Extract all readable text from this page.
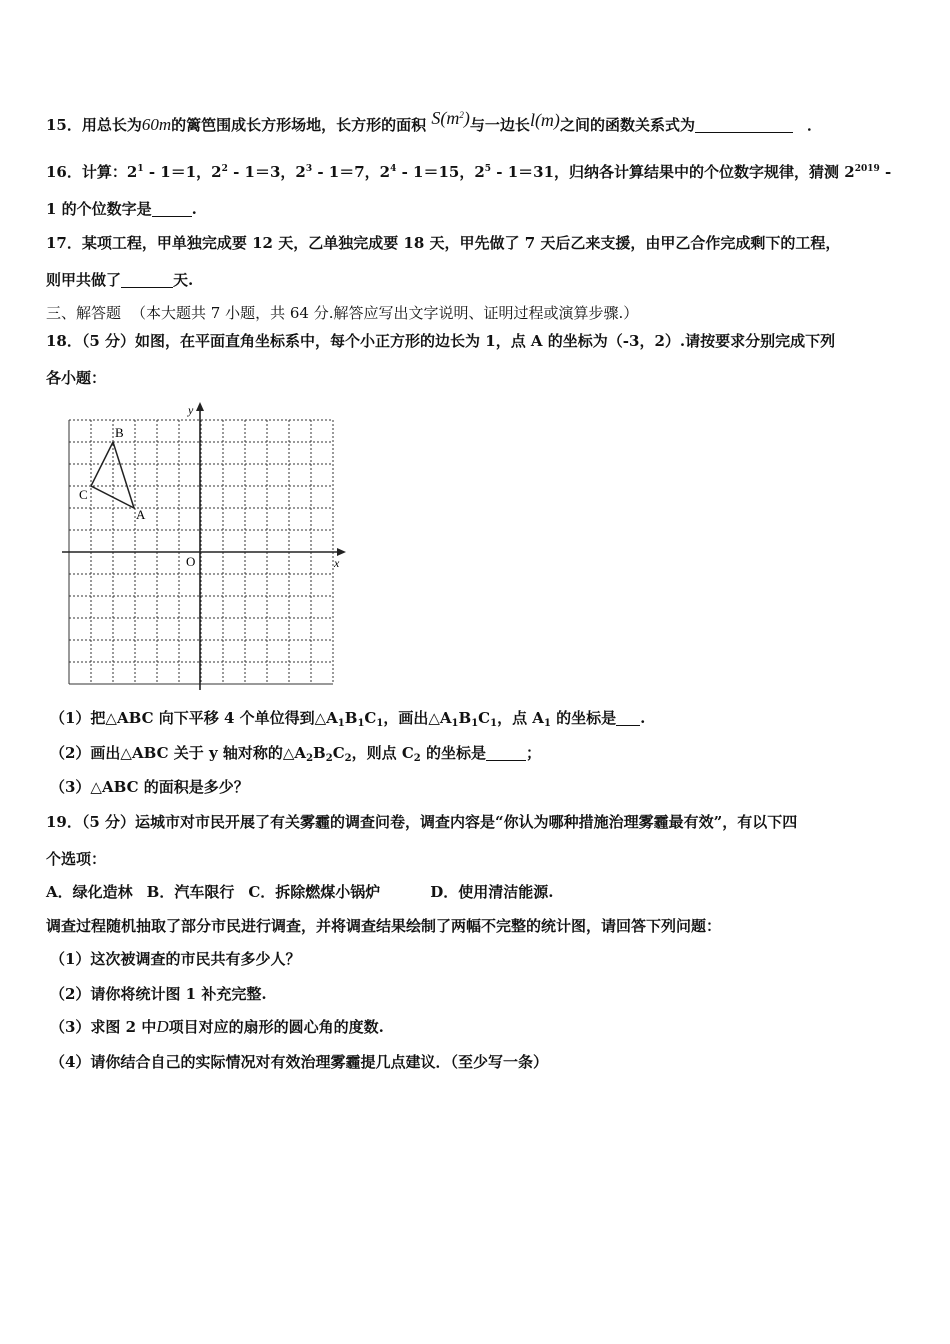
15．用总长为60m的篱笆围成长方形场地，长方形的面积 $S(m^2)$与一边长l(m)之间的函数关系式为	．
16．计算：$2^1 - 1=1$，$2^2 - 1=3$，$2^3 - 1=7$，$2^4 - 1=15$，$2^5 - 1=31$，归纳各计算结果中的个位数字规律，猜测 $2^{2019}$ -
1 的个位数字是	.
17．某项工程，甲单独完成要 12 天，乙单独完成要 18 天，甲先做了 7 天后乙来支援，由甲乙合作完成剩下的工程，
则甲共做了	天.
三、解答题 （本大题共 7 小题，共 64 分.解答应写出文字说明、证明过程或演算步骤.）
18．（5 分）如图，在平面直角坐标系中，每个小正方形的边长为 1，点 A 的坐标为（-3，2）.请按要求分别完成下列
各小题：
y
x
O
A
B
C
（1）把△ABC 向下平移 4 个单位得到$\triangle A_1B_1C_1$，画出$\triangle A_1B_1C_1$，点 $A_1$ 的坐标是 .
（2）画出△ABC 关于 y 轴对称的$\triangle A_2B_2C_2$，则点 $C_2$ 的坐标是	；
（3）△ABC 的面积是多少？
19．（5 分）运城市对市民开展了有关雾霾的调查问卷，调查内容是“你认为哪种措施治理雾霾最有效”，有以下四
个选项：
A．绿化造林 B．汽车限行 C．拆除燃煤小锅炉	D．使用清洁能源.
调查过程随机抽取了部分市民进行调查，并将调查结果绘制了两幅不完整的统计图，请回答下列问题：
（1）这次被调查的市民共有多少人？
（2）请你将统计图 1 补充完整.
（3）求图 2 中D项目对应的扇形的圆心角的度数.
（4）请你结合自己的实际情况对有效治理雾霾提几点建议．（至少写一条）
